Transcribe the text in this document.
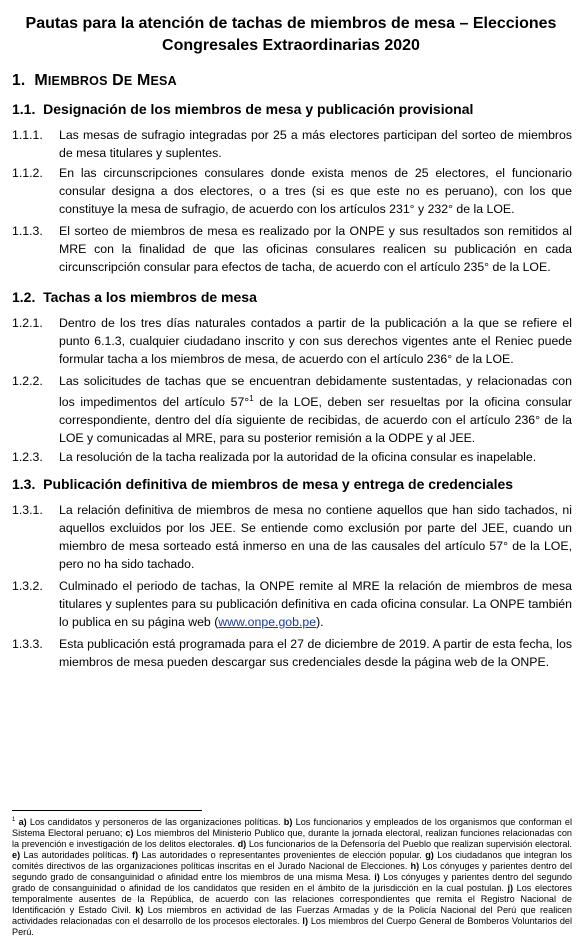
Pautas para la atención de tachas de miembros de mesa – Elecciones Congresales Extraordinarias 2020
1. MIEMBROS DE MESA
1.1. Designación de los miembros de mesa y publicación provisional
1.1.1. Las mesas de sufragio integradas por 25 a más electores participan del sorteo de miembros de mesa titulares y suplentes.
1.1.2. En las circunscripciones consulares donde exista menos de 25 electores, el funcionario consular designa a dos electores, o a tres (si es que este no es peruano), con los que constituye la mesa de sufragio, de acuerdo con los artículos 231° y 232° de la LOE.
1.1.3. El sorteo de miembros de mesa es realizado por la ONPE y sus resultados son remitidos al MRE con la finalidad de que las oficinas consulares realicen su publicación en cada circunscripción consular para efectos de tacha, de acuerdo con el artículo 235° de la LOE.
1.2. Tachas a los miembros de mesa
1.2.1. Dentro de los tres días naturales contados a partir de la publicación a la que se refiere el punto 6.1.3, cualquier ciudadano inscrito y con sus derechos vigentes ante el Reniec puede formular tacha a los miembros de mesa, de acuerdo con el artículo 236° de la LOE.
1.2.2. Las solicitudes de tachas que se encuentran debidamente sustentadas, y relacionadas con los impedimentos del artículo 57°$^1$ de la LOE, deben ser resueltas por la oficina consular correspondiente, dentro del día siguiente de recibidas, de acuerdo con el artículo 236° de la LOE y comunicadas al MRE, para su posterior remisión a la ODPE y al JEE.
1.2.3. La resolución de la tacha realizada por la autoridad de la oficina consular es inapelable.
1.3. Publicación definitiva de miembros de mesa y entrega de credenciales
1.3.1. La relación definitiva de miembros de mesa no contiene aquellos que han sido tachados, ni aquellos excluidos por los JEE. Se entiende como exclusión por parte del JEE, cuando un miembro de mesa sorteado está inmerso en una de las causales del artículo 57° de la LOE, pero no ha sido tachado.
1.3.2. Culminado el periodo de tachas, la ONPE remite al MRE la relación de miembros de mesa titulares y suplentes para su publicación definitiva en cada oficina consular. La ONPE también lo publica en su página web (www.onpe.gob.pe).
1.3.3. Esta publicación está programada para el 27 de diciembre de 2019. A partir de esta fecha, los miembros de mesa pueden descargar sus credenciales desde la página web de la ONPE.
$^1$ a) Los candidatos y personeros de las organizaciones políticas. b) Los funcionarios y empleados de los organismos que conforman el Sistema Electoral peruano; c) Los miembros del Ministerio Publico que, durante la jornada electoral, realizan funciones relacionadas con la prevención e investigación de los delitos electorales. d) Los funcionarios de la Defensoría del Pueblo que realizan supervisión electoral. e) Las autoridades políticas. f) Las autoridades o representantes provenientes de elección popular. g) Los ciudadanos que integran los comités directivos de las organizaciones políticas inscritas en el Jurado Nacional de Elecciones. h) Los cónyuges y parientes dentro del segundo grado de consanguinidad o afinidad entre los miembros de una misma Mesa. i) Los cónyuges y parientes dentro del segundo grado de consanguinidad o afinidad de los candidatos que residen en el ámbito de la jurisdicción en la cual postulan. j) Los electores temporalmente ausentes de la República, de acuerdo con las relaciones correspondientes que remita el Registro Nacional de Identificación y Estado Civil. k) Los miembros en actividad de las Fuerzas Armadas y de la Policía Nacional del Perú que realicen actividades relacionadas con el desarrollo de los procesos electorales. l) Los miembros del Cuerpo General de Bomberos Voluntarios del Perú.
